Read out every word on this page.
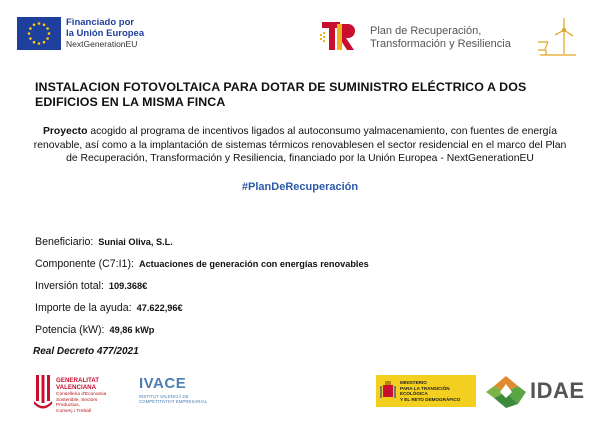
Financiado por
la Unión Europea
NextGenerationEU
Plan de Recuperación,
Transformación y Resiliencia
INSTALACION FOTOVOLTAICA PARA DOTAR DE SUMINISTRO ELÉCTRICO A DOS EDIFICIOS EN LA MISMA FINCA
Proyecto acogido al programa de incentivos ligados al autoconsumo yalmacenamiento, con fuentes de energía renovable, así como a la implantación de sistemas térmicos renovablesen el sector residencial en el marco del Plan de Recuperación, Transformación y Resiliencia, financiado por la Unión Europea - NextGenerationEU
#PlanDeRecuperación
Beneficiario: Suniai Oliva, S.L.
Componente (C7:I1): Actuaciones de generación con energías renovables
Inversión total: 109.368€
Importe de la ayuda: 47.622,96€
Potencia (kW): 49,86 kWp
Real Decreto 477/2021
GENERALITAT
VALENCIANA
Conselleria d'Economia
Sostenible, Sectors Productius,
Comerç i Treball
IVACE
INSTITUT VALENCIÀ DE
COMPETITIVITAT EMPRESARIAL
MINISTERIO
PARA LA TRANSICIÓN ECOLÓGICA
Y EL RETO DEMOGRÁFICO	IDAE
